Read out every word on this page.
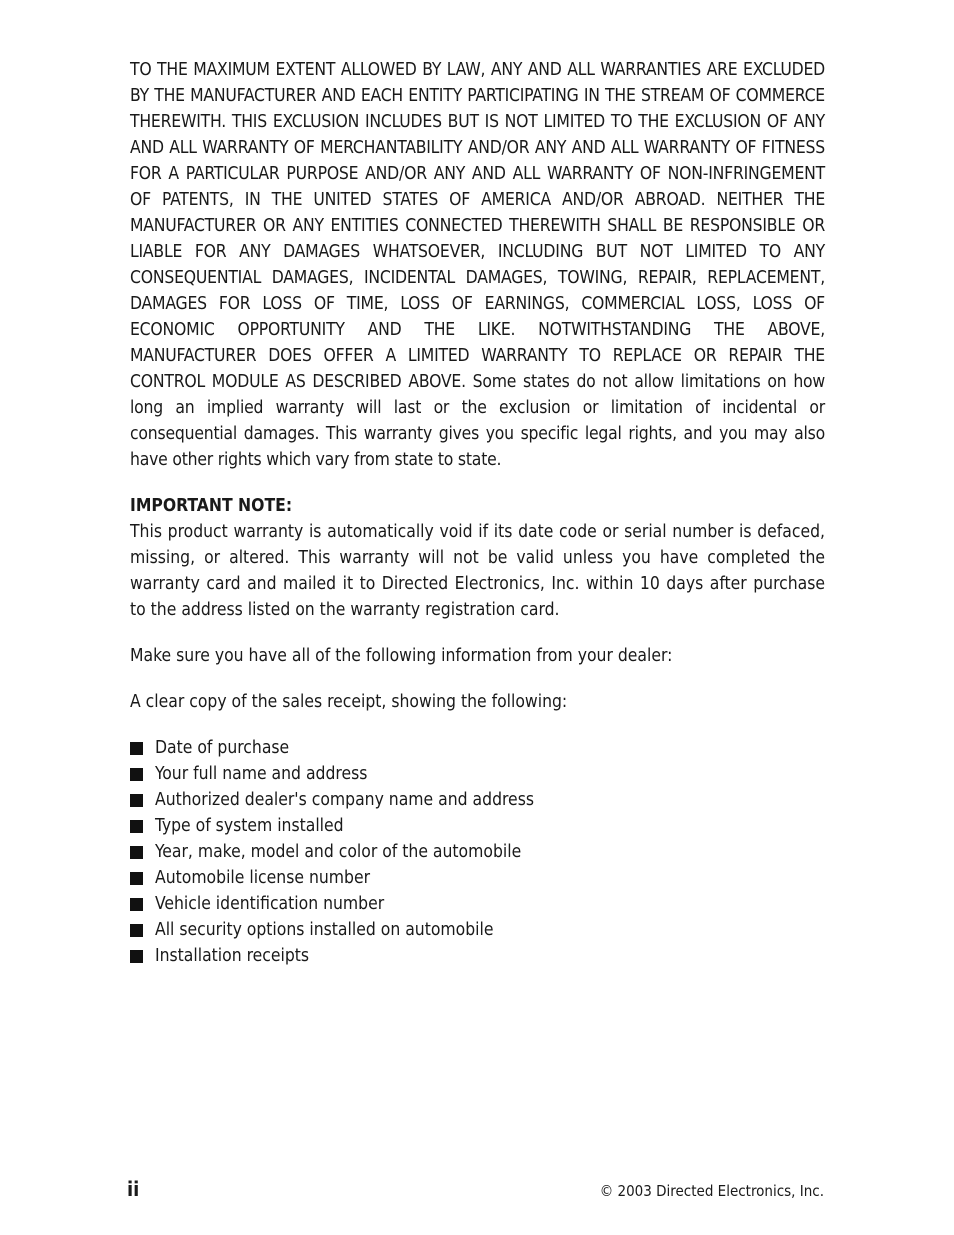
TO THE MAXIMUM EXTENT ALLOWED BY LAW, ANY AND ALL WARRANTIES ARE EXCLUDED BY THE MANUFACTURER AND EACH ENTITY PARTICIPATING IN THE STREAM OF COMMERCE THEREWITH. THIS EXCLUSION INCLUDES BUT IS NOT LIMITED TO THE EXCLUSION OF ANY AND ALL WARRANTY OF MERCHANTABILITY AND/OR ANY AND ALL WARRANTY OF FITNESS FOR A PARTICULAR PURPOSE AND/OR ANY AND ALL WARRANTY OF NON-INFRINGEMENT OF PATENTS, IN THE UNITED STATES OF AMERICA AND/OR ABROAD. NEITHER THE MANUFACTURER OR ANY ENTITIES CONNECTED THEREWITH SHALL BE RESPONSIBLE OR LIABLE FOR ANY DAMAGES WHATSOEVER, INCLUDING BUT NOT LIMITED TO ANY CONSEQUENTIAL DAMAGES, INCIDENTAL DAMAGES, TOWING, REPAIR, REPLACEMENT, DAMAGES FOR LOSS OF TIME, LOSS OF EARNINGS, COMMERCIAL LOSS, LOSS OF ECONOMIC OPPORTUNITY AND THE LIKE. NOTWITHSTANDING THE ABOVE, MANUFACTURER DOES OFFER A LIMITED WARRANTY TO REPLACE OR REPAIR THE CONTROL MODULE AS DESCRIBED ABOVE. Some states do not allow limitations on how long an implied warranty will last or the exclusion or limitation of incidental or consequential damages. This warranty gives you specific legal rights, and you may also have other rights which vary from state to state.

IMPORTANT NOTE:

This product warranty is automatically void if its date code or serial number is defaced, missing, or altered. This warranty will not be valid unless you have completed the warranty card and mailed it to Directed Electronics, Inc. within 10 days after purchase to the address listed on the warranty registration card.

Make sure you have all of the following information from your dealer:

A clear copy of the sales receipt, showing the following:

Date of purchase
Your full name and address
Authorized dealer's company name and address
Type of system installed
Year, make, model and color of the automobile
Automobile license number
Vehicle identification number
All security options installed on automobile
Installation receipts
ii	© 2003 Directed Electronics, Inc.
